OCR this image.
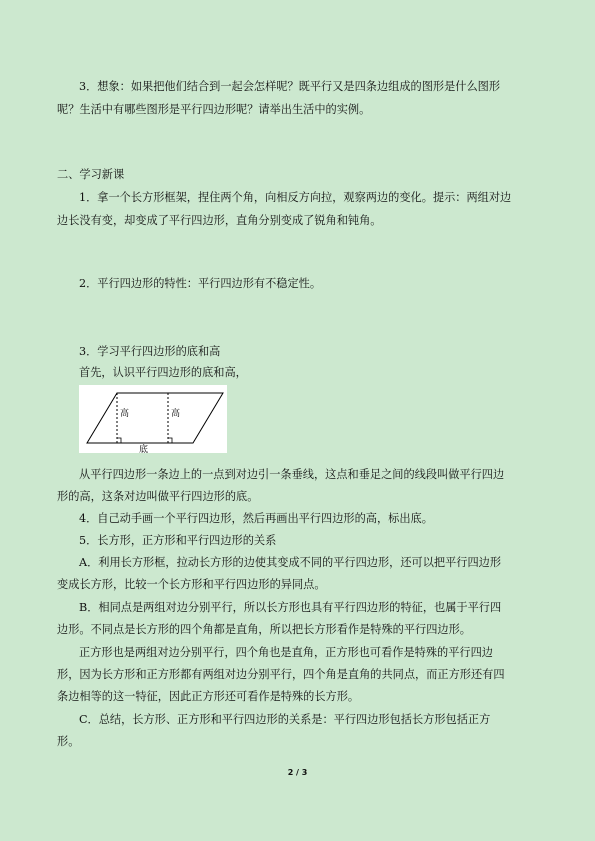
3．想象：如果把他们结合到一起会怎样呢？既平行又是四条边组成的图形是什么图形

呢？生活中有哪些图形是平行四边形呢？请举出生活中的实例。

二、学习新课

1．拿一个长方形框架，捏住两个角，向相反方向拉，观察两边的变化。提示：两组对边

边长没有变，却变成了平行四边形，直角分别变成了锐角和钝角。

2．平行四边形的特性：平行四边形有不稳定性。

3．学习平行四边形的底和高

首先，认识平行四边形的底和高，

高	高
底

从平行四边形一条边上的一点到对边引一条垂线，这点和垂足之间的线段叫做平行四边

形的高，这条对边叫做平行四边形的底。

4．自己动手画一个平行四边形，然后再画出平行四边形的高，标出底。

5．长方形，正方形和平行四边形的关系

A．利用长方形框，拉动长方形的边使其变成不同的平行四边形，还可以把平行四边形

变成长方形，比较一个长方形和平行四边形的异同点。

B．相同点是两组对边分别平行，所以长方形也具有平行四边形的特征，也属于平行四

边形。不同点是长方形的四个角都是直角，所以把长方形看作是特殊的平行四边形。

正方形也是两组对边分别平行，四个角也是直角，正方形也可看作是特殊的平行四边

形，因为长方形和正方形都有两组对边分别平行，四个角是直角的共同点，而正方形还有四

条边相等的这一特征，因此正方形还可看作是特殊的长方形。

C．总结，长方形、正方形和平行四边形的关系是：平行四边形包括长方形包括正方

形。

2 / 3
